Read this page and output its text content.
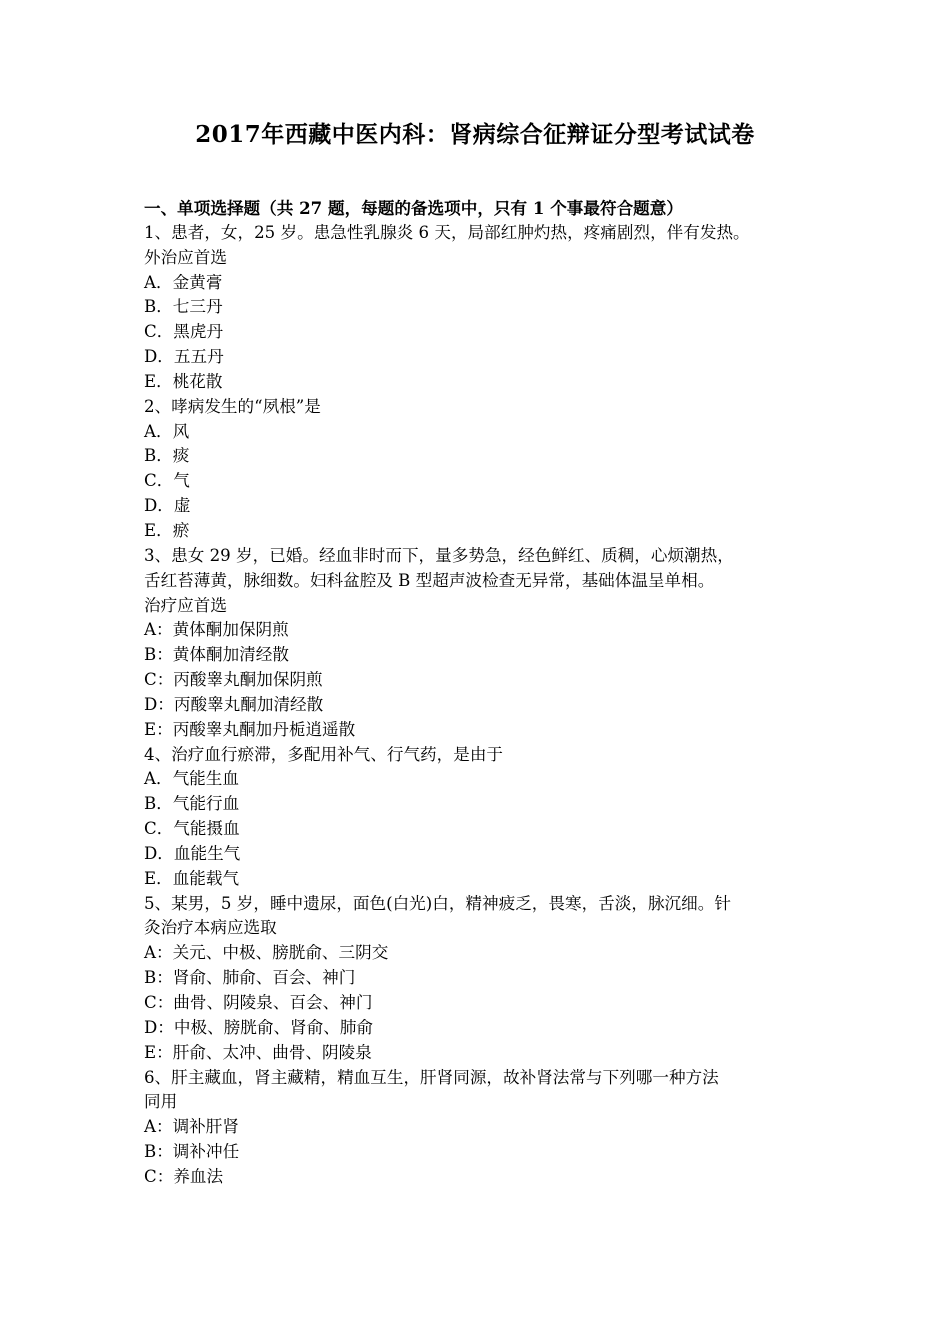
2017年西藏中医内科：肾病综合征辩证分型考试试卷
一、单项选择题（共 27 题，每题的备选项中，只有 1 个事最符合题意）
1、患者，女，25 岁。患急性乳腺炎 6 天，局部红肿灼热，疼痛剧烈，伴有发热。
外治应首选
A．金黄膏
B．七三丹
C．黑虎丹
D．五五丹
E．桃花散
2、哮病发生的“夙根”是
A．风
B．痰
C．气
D．虚
E．瘀
3、患女 29 岁，已婚。经血非时而下，量多势急，经色鲜红、质稠，心烦潮热，
舌红苔薄黄，脉细数。妇科盆腔及 B 型超声波检查无异常，基础体温呈单相。
治疗应首选
A：黄体酮加保阴煎
B：黄体酮加清经散
C：丙酸睾丸酮加保阴煎
D：丙酸睾丸酮加清经散
E：丙酸睾丸酮加丹栀逍遥散
4、治疗血行瘀滞，多配用补气、行气药，是由于
A．气能生血
B．气能行血
C．气能摄血
D．血能生气
E．血能载气
5、某男，5 岁，睡中遗尿，面色(白光)白，精神疲乏，畏寒，舌淡，脉沉细。针
灸治疗本病应选取
A：关元、中极、膀胱俞、三阴交
B：肾俞、肺俞、百会、神门
C：曲骨、阴陵泉、百会、神门
D：中极、膀胱俞、肾俞、肺俞
E：肝俞、太冲、曲骨、阴陵泉
6、肝主藏血，肾主藏精，精血互生，肝肾同源，故补肾法常与下列哪一种方法
同用
A：调补肝肾
B：调补冲任
C：养血法
